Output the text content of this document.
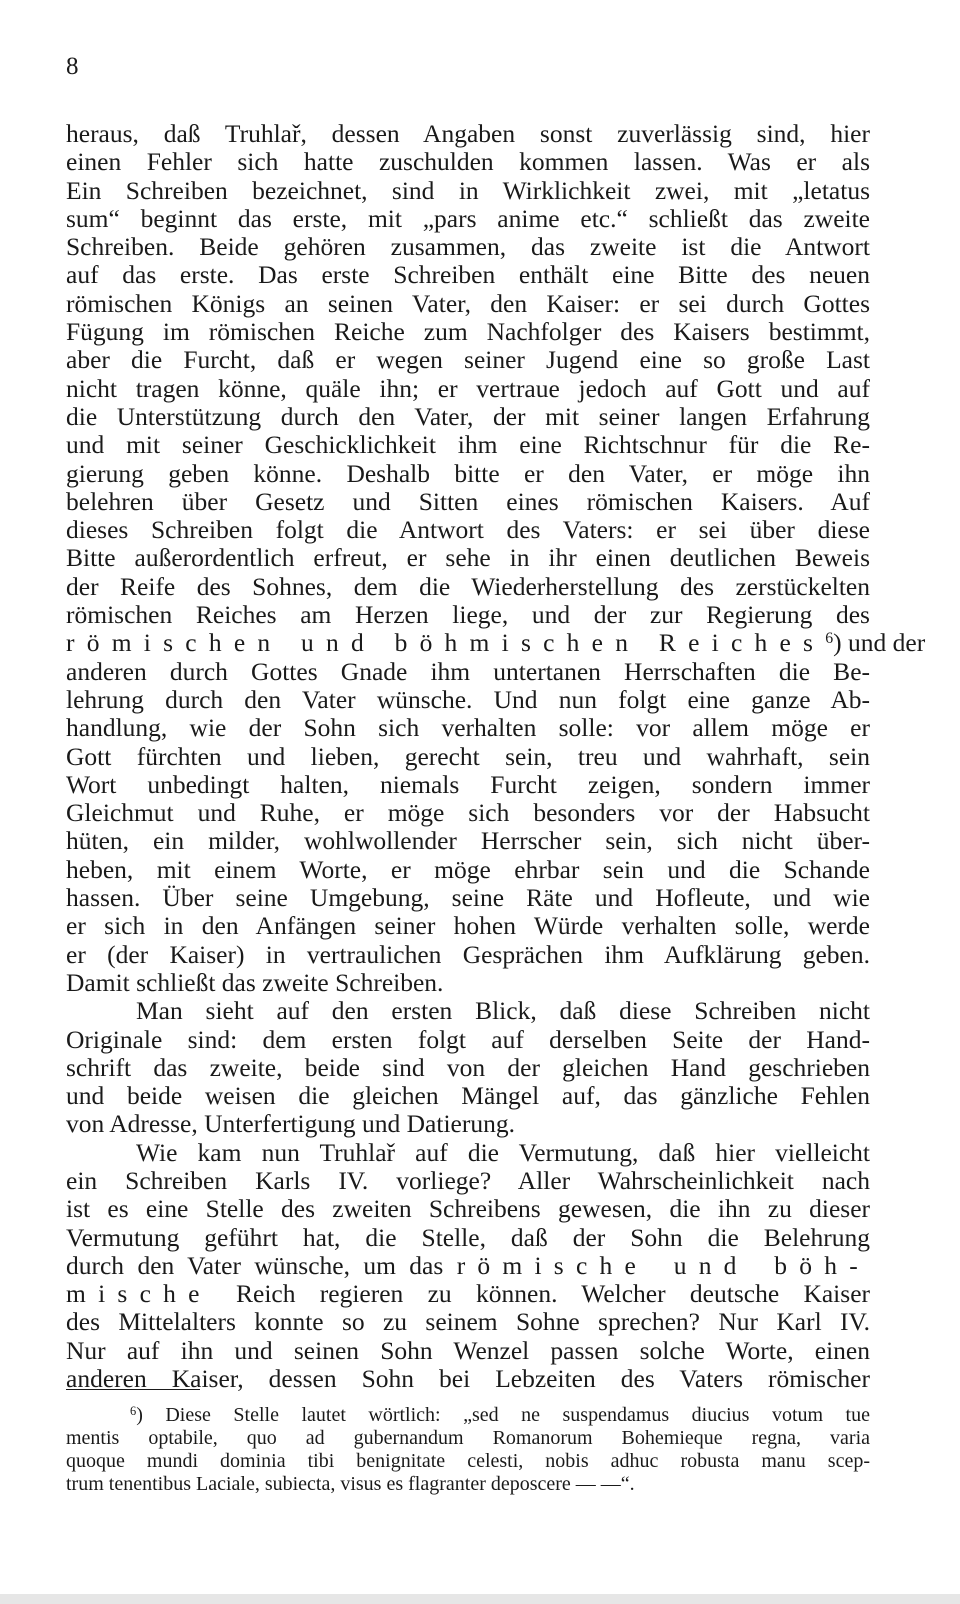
8
heraus, daß Truhlař, dessen Angaben sonst zuverlässig sind, hier
einen Fehler sich hatte zuschulden kommen lassen. Was er als
Ein Schreiben bezeichnet, sind in Wirklichkeit zwei, mit „letatus
sum“ beginnt das erste, mit „pars anime etc.“ schließt das zweite
Schreiben. Beide gehören zusammen, das zweite ist die Antwort
auf das erste. Das erste Schreiben enthält eine Bitte des neuen
römischen Königs an seinen Vater, den Kaiser: er sei durch Gottes
Fügung im römischen Reiche zum Nachfolger des Kaisers bestimmt,
aber die Furcht, daß er wegen seiner Jugend eine so große Last
nicht tragen könne, quäle ihn; er vertraue jedoch auf Gott und auf
die Unterstützung durch den Vater, der mit seiner langen Erfahrung
und mit seiner Geschicklichkeit ihm eine Richtschnur für die Re-
gierung geben könne. Deshalb bitte er den Vater, er möge ihn
belehren über Gesetz und Sitten eines römischen Kaisers. Auf
dieses Schreiben folgt die Antwort des Vaters: er sei über diese
Bitte außerordentlich erfreut, er sehe in ihr einen deutlichen Beweis
der Reife des Sohnes, dem die Wiederherstellung des zerstückelten
römischen Reiches am Herzen liege, und der zur Regierung des
römischen und böhmischen Reiches$^6$) und der
anderen durch Gottes Gnade ihm untertanen Herrschaften die Be-
lehrung durch den Vater wünsche. Und nun folgt eine ganze Ab-
handlung, wie der Sohn sich verhalten solle: vor allem möge er
Gott fürchten und lieben, gerecht sein, treu und wahrhaft, sein
Wort unbedingt halten, niemals Furcht zeigen, sondern immer
Gleichmut und Ruhe, er möge sich besonders vor der Habsucht
hüten, ein milder, wohlwollender Herrscher sein, sich nicht über-
heben, mit einem Worte, er möge ehrbar sein und die Schande
hassen. Über seine Umgebung, seine Räte und Hofleute, und wie
er sich in den Anfängen seiner hohen Würde verhalten solle, werde
er (der Kaiser) in vertraulichen Gesprächen ihm Aufklärung geben.
Damit schließt das zweite Schreiben.
Man sieht auf den ersten Blick, daß diese Schreiben nicht
Originale sind: dem ersten folgt auf derselben Seite der Hand-
schrift das zweite, beide sind von der gleichen Hand geschrieben
und beide weisen die gleichen Mängel auf, das gänzliche Fehlen
von Adresse, Unterfertigung und Datierung.
Wie kam nun Truhlař auf die Vermutung, daß hier vielleicht
ein Schreiben Karls IV. vorliege? Aller Wahrscheinlichkeit nach
ist es eine Stelle des zweiten Schreibens gewesen, die ihn zu dieser
Vermutung geführt hat, die Stelle, daß der Sohn die Belehrung
durch den Vater wünsche, um das römische und böh-
mische Reich regieren zu können. Welcher deutsche Kaiser
des Mittelalters konnte so zu seinem Sohne sprechen? Nur Karl IV.
Nur auf ihn und seinen Sohn Wenzel passen solche Worte, einen
anderen Kaiser, dessen Sohn bei Lebzeiten des Vaters römischer
$^6$) Diese Stelle lautet wörtlich: „sed ne suspendamus diucius votum tue
mentis optabile, quo ad gubernandum Romanorum Bohemieque regna, varia
quoque mundi dominia tibi benignitate celesti, nobis adhuc robusta manu scep-
trum tenentibus Laciale, subiecta, visus es flagranter deposcere — —“.
